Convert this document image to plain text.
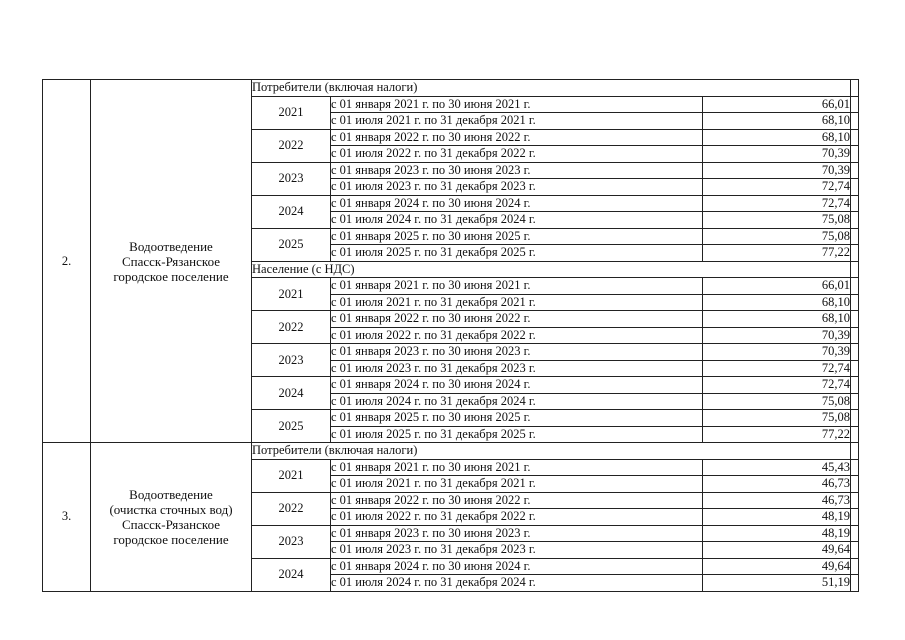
2.	Водоотведение
Спасск-Рязанское
городское поселение	Потребители (включая налоги)			
		2021	с 01 января 2021 г. по 30 июня 2021 г.	66,01	
			с 01 июля 2021 г. по 31 декабря 2021 г.	68,10	
		2022	с 01 января 2022 г. по 30 июня 2022 г.	68,10	
			с 01 июля 2022 г. по 31 декабря 2022 г.	70,39	
		2023	с 01 января 2023 г. по 30 июня 2023 г.	70,39	
			с 01 июля 2023 г. по 31 декабря 2023 г.	72,74	
		2024	с 01 января 2024 г. по 30 июня 2024 г.	72,74	
			с 01 июля 2024 г. по 31 декабря 2024 г.	75,08	
		2025	с 01 января 2025 г. по 30 июня 2025 г.	75,08	
			с 01 июля 2025 г. по 31 декабря 2025 г.	77,22	
		Население (с НДС)			
		2021	с 01 января 2021 г. по 30 июня 2021 г.	66,01	
			с 01 июля 2021 г. по 31 декабря 2021 г.	68,10	
		2022	с 01 января 2022 г. по 30 июня 2022 г.	68,10	
			с 01 июля 2022 г. по 31 декабря 2022 г.	70,39	
		2023	с 01 января 2023 г. по 30 июня 2023 г.	70,39	
			с 01 июля 2023 г. по 31 декабря 2023 г.	72,74	
		2024	с 01 января 2024 г. по 30 июня 2024 г.	72,74	
			с 01 июля 2024 г. по 31 декабря 2024 г.	75,08	
		2025	с 01 января 2025 г. по 30 июня 2025 г.	75,08	
			с 01 июля 2025 г. по 31 декабря 2025 г.	77,22	
3.	Водоотведение
(очистка сточных вод)
Спасск-Рязанское
городское поселение	Потребители (включая налоги)			
		2021	с 01 января 2021 г. по 30 июня 2021 г.	45,43	
			с 01 июля 2021 г. по 31 декабря 2021 г.	46,73	
		2022	с 01 января 2022 г. по 30 июня 2022 г.	46,73	
			с 01 июля 2022 г. по 31 декабря 2022 г.	48,19	
		2023	с 01 января 2023 г. по 30 июня 2023 г.	48,19	
			с 01 июля 2023 г. по 31 декабря 2023 г.	49,64	
		2024	с 01 января 2024 г. по 30 июня 2024 г.	49,64	
			с 01 июля 2024 г. по 31 декабря 2024 г.	51,19	
